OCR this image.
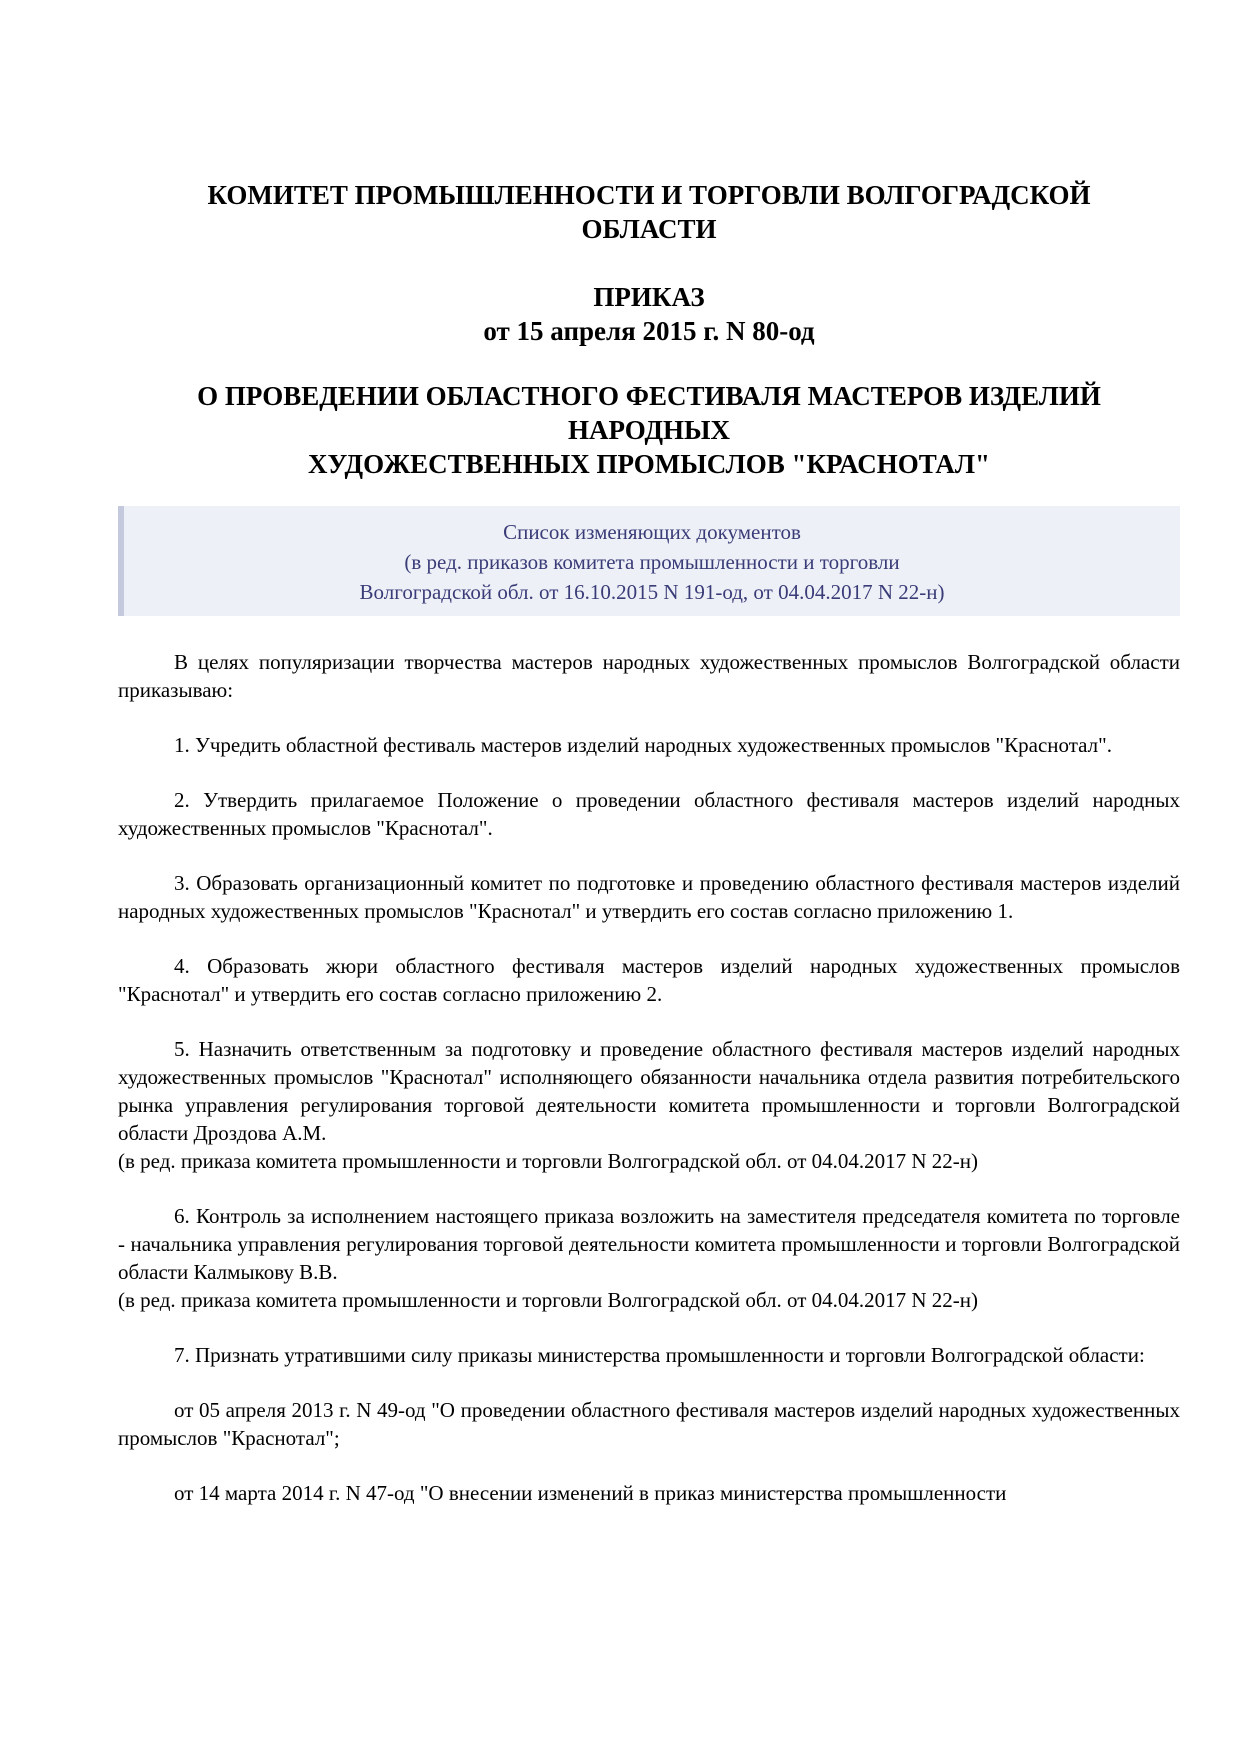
КОМИТЕТ ПРОМЫШЛЕННОСТИ И ТОРГОВЛИ ВОЛГОГРАДСКОЙ
ОБЛАСТИ
ПРИКАЗ
от 15 апреля 2015 г. N 80-од
О ПРОВЕДЕНИИ ОБЛАСТНОГО ФЕСТИВАЛЯ МАСТЕРОВ ИЗДЕЛИЙ
НАРОДНЫХ
ХУДОЖЕСТВЕННЫХ ПРОМЫСЛОВ "КРАСНОТАЛ"
Список изменяющих документов
(в ред. приказов комитета промышленности и торговли
Волгоградской обл. от 16.10.2015 N 191-од, от 04.04.2017 N 22-н)

В целях популяризации творчества мастеров народных художественных промыслов Волгоградской области приказываю:

1. Учредить областной фестиваль мастеров изделий народных художественных промыслов "Краснотал".

2. Утвердить прилагаемое Положение о проведении областного фестиваля мастеров изделий народных художественных промыслов "Краснотал".

3. Образовать организационный комитет по подготовке и проведению областного фестиваля мастеров изделий народных художественных промыслов "Краснотал" и утвердить его состав согласно приложению 1.

4. Образовать жюри областного фестиваля мастеров изделий народных художественных промыслов "Краснотал" и утвердить его состав согласно приложению 2.

5. Назначить ответственным за подготовку и проведение областного фестиваля мастеров изделий народных художественных промыслов "Краснотал" исполняющего обязанности начальника отдела развития потребительского рынка управления регулирования торговой деятельности комитета промышленности и торговли Волгоградской области Дроздова А.М.
(в ред. приказа комитета промышленности и торговли Волгоградской обл. от 04.04.2017 N 22-н)

6. Контроль за исполнением настоящего приказа возложить на заместителя председателя комитета по торговле - начальника управления регулирования торговой деятельности комитета промышленности и торговли Волгоградской области Калмыкову В.В.
(в ред. приказа комитета промышленности и торговли Волгоградской обл. от 04.04.2017 N 22-н)

7. Признать утратившими силу приказы министерства промышленности и торговли Волгоградской области:

от 05 апреля 2013 г. N 49-од "О проведении областного фестиваля мастеров изделий народных художественных промыслов "Краснотал";

от 14 марта 2014 г. N 47-од "О внесении изменений в приказ министерства промышленности
